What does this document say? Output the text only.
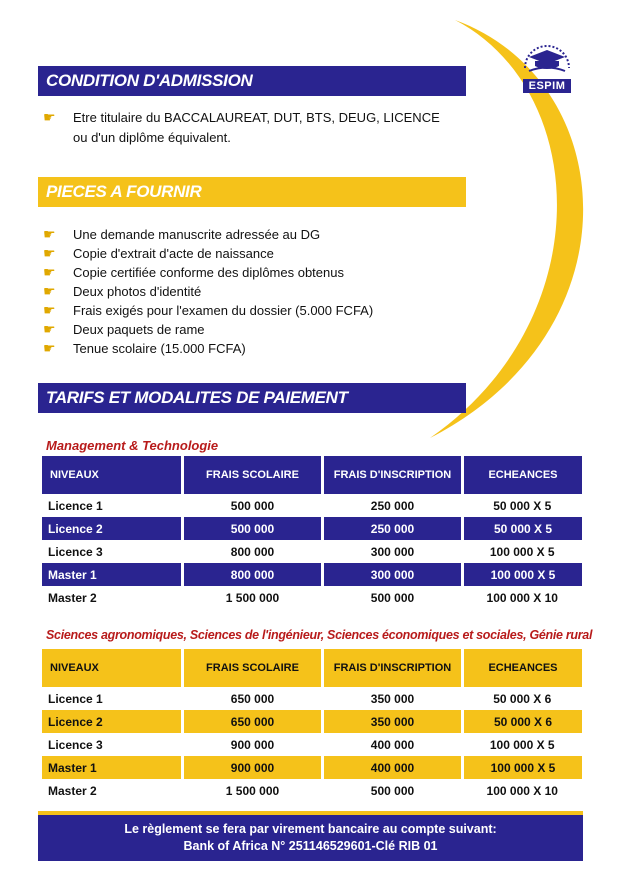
ESPIM
CONDITION D'ADMISSION
☛ Etre titulaire du BACCALAUREAT, DUT, BTS, DEUG, LICENCE
ou d'un diplôme équivalent.
PIECES A FOURNIR
☛ Une demande manuscrite adressée au DG
☛ Copie d'extrait d'acte de naissance
☛ Copie certifiée conforme des diplômes obtenus
☛ Deux photos d'identité
☛ Frais exigés pour l'examen du dossier (5.000 FCFA)
☛ Deux paquets de rame
☛ Tenue scolaire (15.000 FCFA)
TARIFS ET MODALITES DE PAIEMENT
Management & Technologie
NIVEAUX	FRAIS SCOLAIRE	FRAIS D'INSCRIPTION	ECHEANCES
Licence 1	500 000	250 000	50 000 X 5
Licence 2	500 000	250 000	50 000 X 5
Licence 3	800 000	300 000	100 000 X 5
Master 1	800 000	300 000	100 000 X 5
Master 2	1 500 000	500 000	100 000 X 10
Sciences agronomiques, Sciences de l'ingénieur, Sciences économiques et sociales, Génie rural
NIVEAUX	FRAIS SCOLAIRE	FRAIS D'INSCRIPTION	ECHEANCES
Licence 1	650 000	350 000	50 000 X 6
Licence 2	650 000	350 000	50 000 X 6
Licence 3	900 000	400 000	100 000 X 5
Master 1	900 000	400 000	100 000 X 5
Master 2	1 500 000	500 000	100 000 X 10
Le règlement se fera par virement bancaire au compte suivant:
Bank of Africa N° 251146529601-Clé RIB 01
